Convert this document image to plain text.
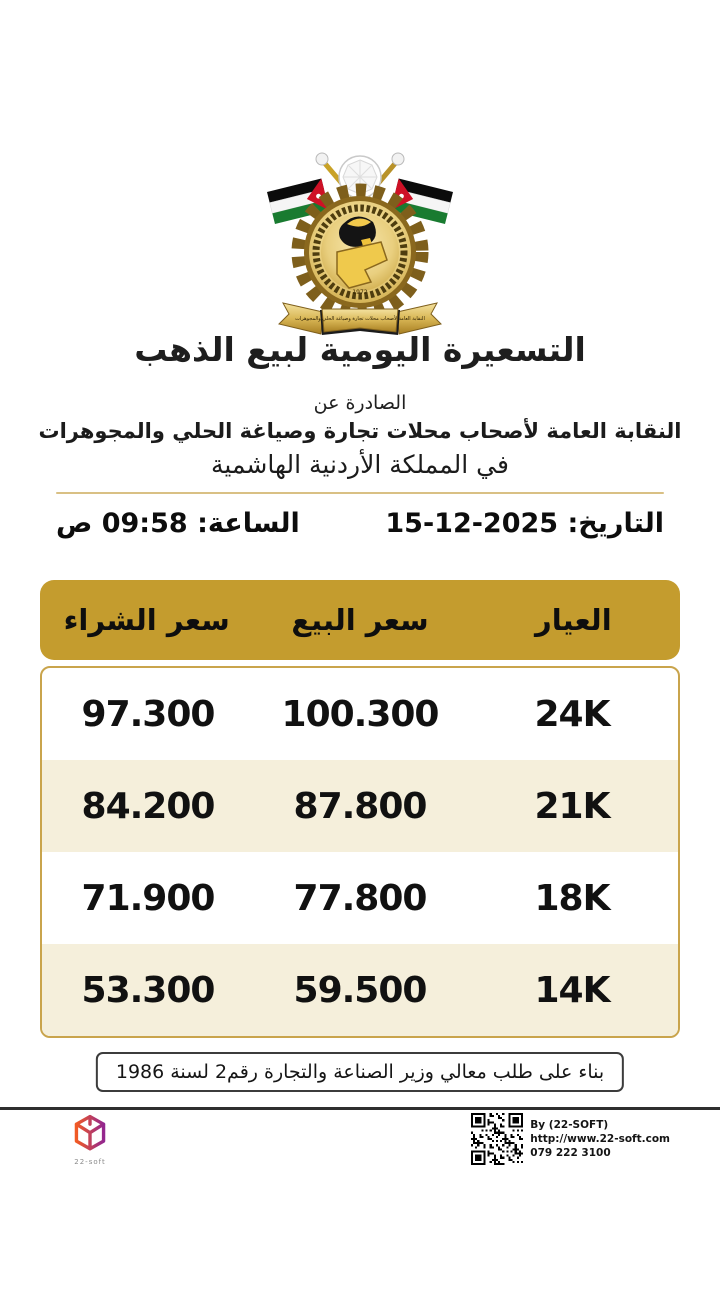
1972
النقابة العامة لأصحاب محلات تجارة وصياغة الحلي والمجوهرات
التسعيرة اليومية لبيع الذهب
الصادرة عن
النقابة العامة لأصحاب محلات تجارة وصياغة الحلي والمجوهرات
في المملكة الأردنية الهاشمية
التاريخ: 15-12-2025
الساعة: 09:58 ص
العيار
سعر البيع
سعر الشراء
24K
100.300
97.300
21K
87.800
84.200
18K
77.800
71.900
14K
59.500
53.300
بناء على طلب معالي وزير الصناعة والتجارة رقم2 لسنة 1986
22-soft
By (22-SOFT)
http://www.22-soft.com
079 222 3100
